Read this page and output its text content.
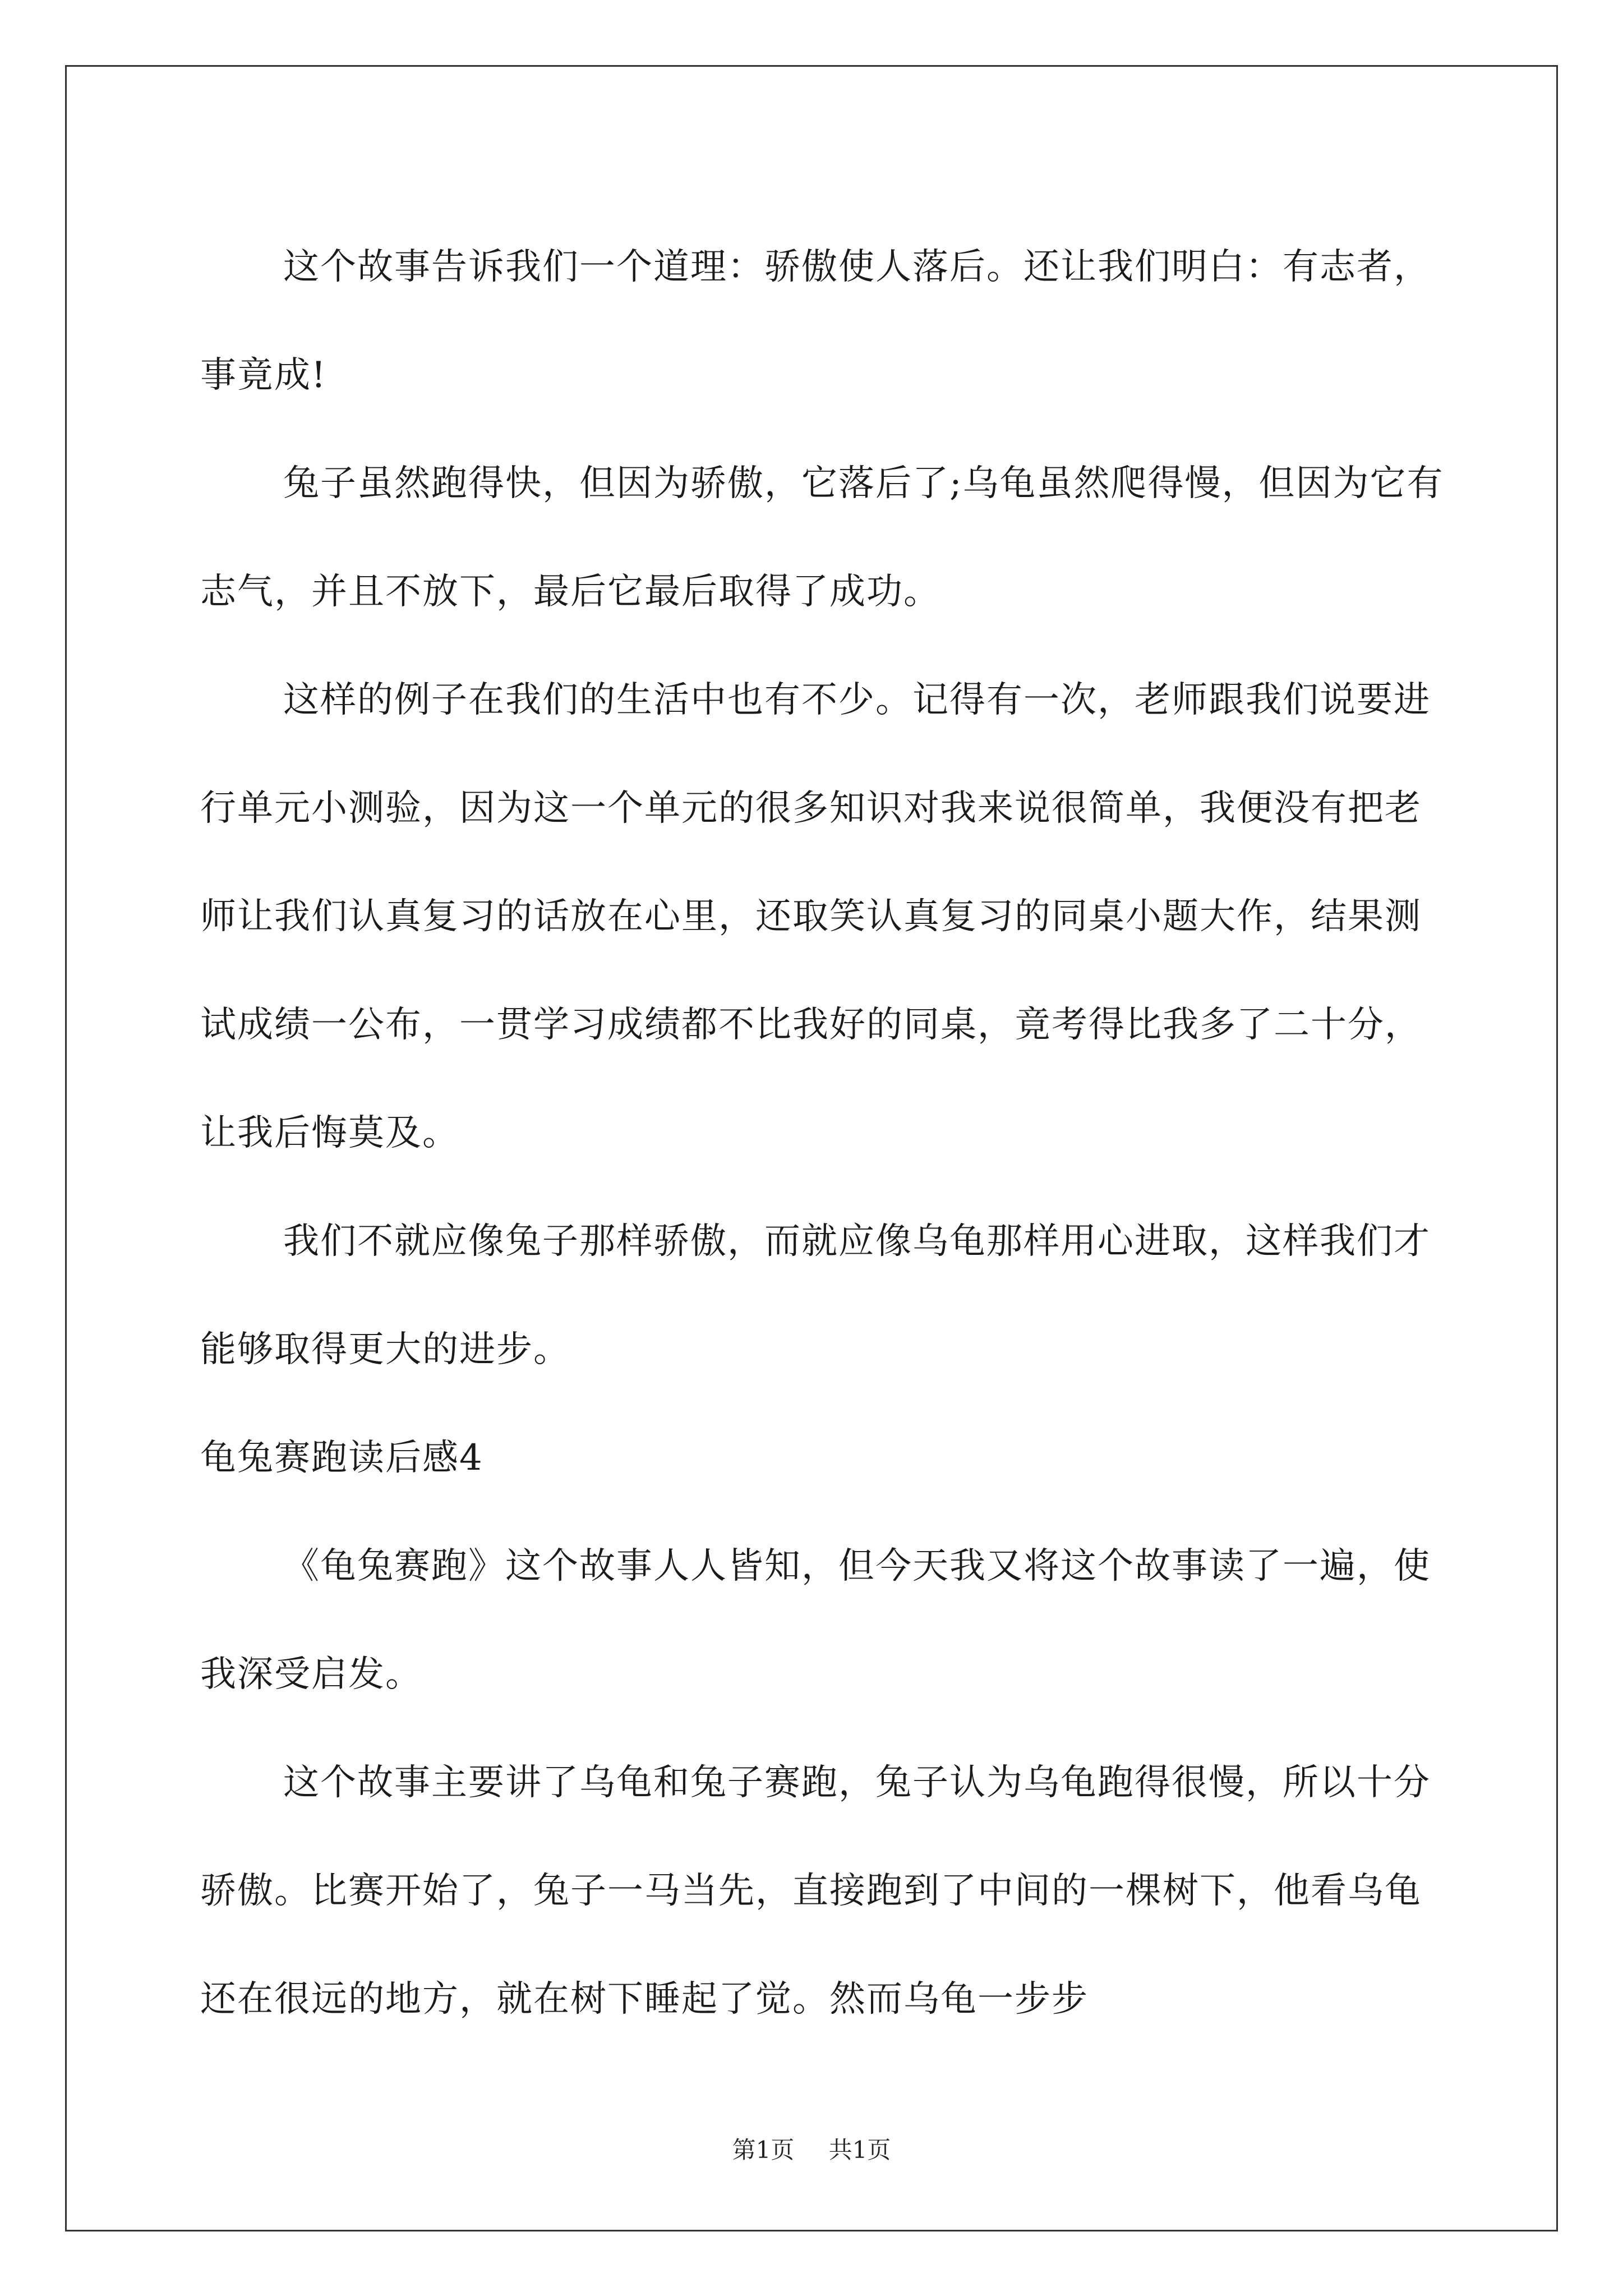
这个故事告诉我们一个道理：骄傲使人落后。还让我们明白：有志者，事竟成!

兔子虽然跑得快，但因为骄傲，它落后了;乌龟虽然爬得慢，但因为它有志气，并且不放下，最后它最后取得了成功。

这样的例子在我们的生活中也有不少。记得有一次，老师跟我们说要进行单元小测验，因为这一个单元的很多知识对我来说很简单，我便没有把老师让我们认真复习的话放在心里，还取笑认真复习的同桌小题大作，结果测试成绩一公布，一贯学习成绩都不比我好的同桌，竟考得比我多了二十分，让我后悔莫及。

我们不就应像兔子那样骄傲，而就应像乌龟那样用心进取，这样我们才能够取得更大的进步。

龟兔赛跑读后感4

《龟兔赛跑》这个故事人人皆知，但今天我又将这个故事读了一遍，使我深受启发。

这个故事主要讲了乌龟和兔子赛跑，兔子认为乌龟跑得很慢，所以十分骄傲。比赛开始了，兔子一马当先，直接跑到了中间的一棵树下，他看乌龟还在很远的地方，就在树下睡起了觉。然而乌龟一步步

第1页 共1页
